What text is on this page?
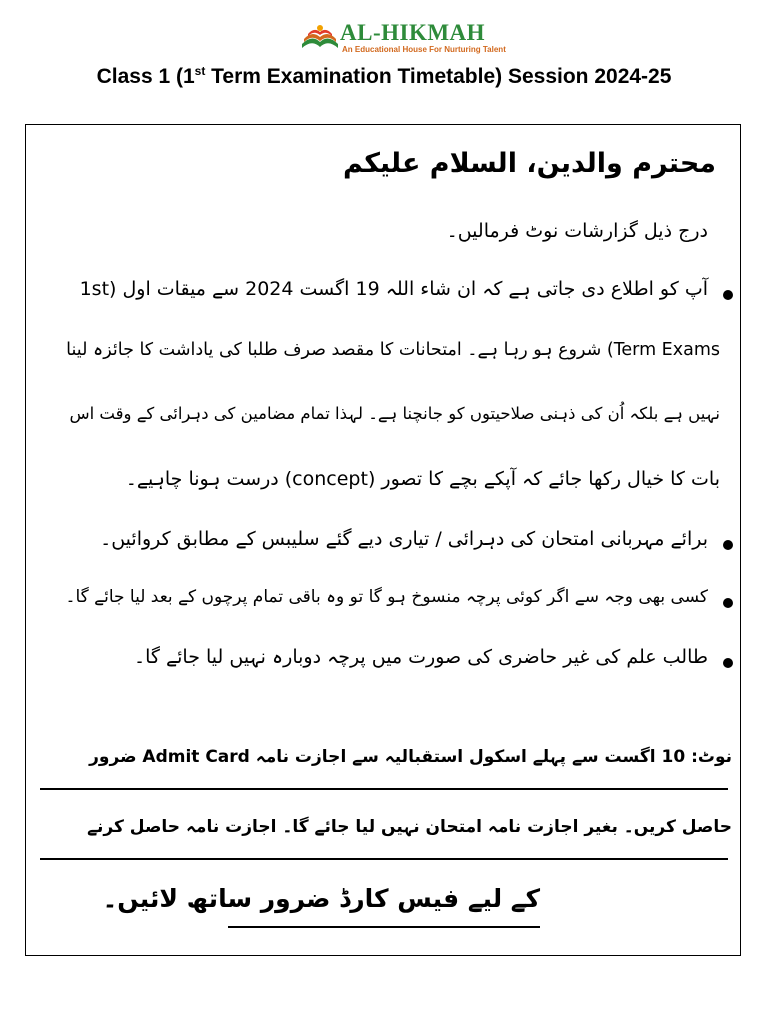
AL-HIKMAH
An Educational House For Nurturing Talent
Class 1 (1st Term Examination Timetable) Session 2024-25
محترم والدین، السلام علیکم
درج ذیل گزارشات نوٹ فرمالیں۔
آپ کو اطلاع دی جاتی ہے کہ ان شاء اللہ 19 اگست 2024 سے میقات اول (1st
Term Exams) شروع ہو رہا ہے۔ امتحانات کا مقصد صرف طلبا کی یاداشت کا جائزہ لینا
نہیں ہے بلکہ اُن کی ذہنی صلاحیتوں کو جانچنا ہے۔ لہذا تمام مضامین کی دہرائی کے وقت اس
بات کا خیال رکھا جائے کہ آپکے بچے کا تصور (concept) درست ہونا چاہیے۔
برائے مہربانی امتحان کی دہرائی / تیاری دیے گئے سلیبس کے مطابق کروائیں۔
کسی بھی وجہ سے اگر کوئی پرچہ منسوخ ہو گا تو وہ باقی تمام پرچوں کے بعد لیا جائے گا۔
طالب علم کی غیر حاضری کی صورت میں پرچہ دوبارہ نہیں لیا جائے گا۔
نوٹ: 10 اگست سے پہلے اسکول استقبالیہ سے اجازت نامہ Admit Card ضرور
حاصل کریں۔ بغیر اجازت نامہ امتحان نہیں لیا جائے گا۔ اجازت نامہ حاصل کرنے
کے لیے فیس کارڈ ضرور ساتھ لائیں۔
